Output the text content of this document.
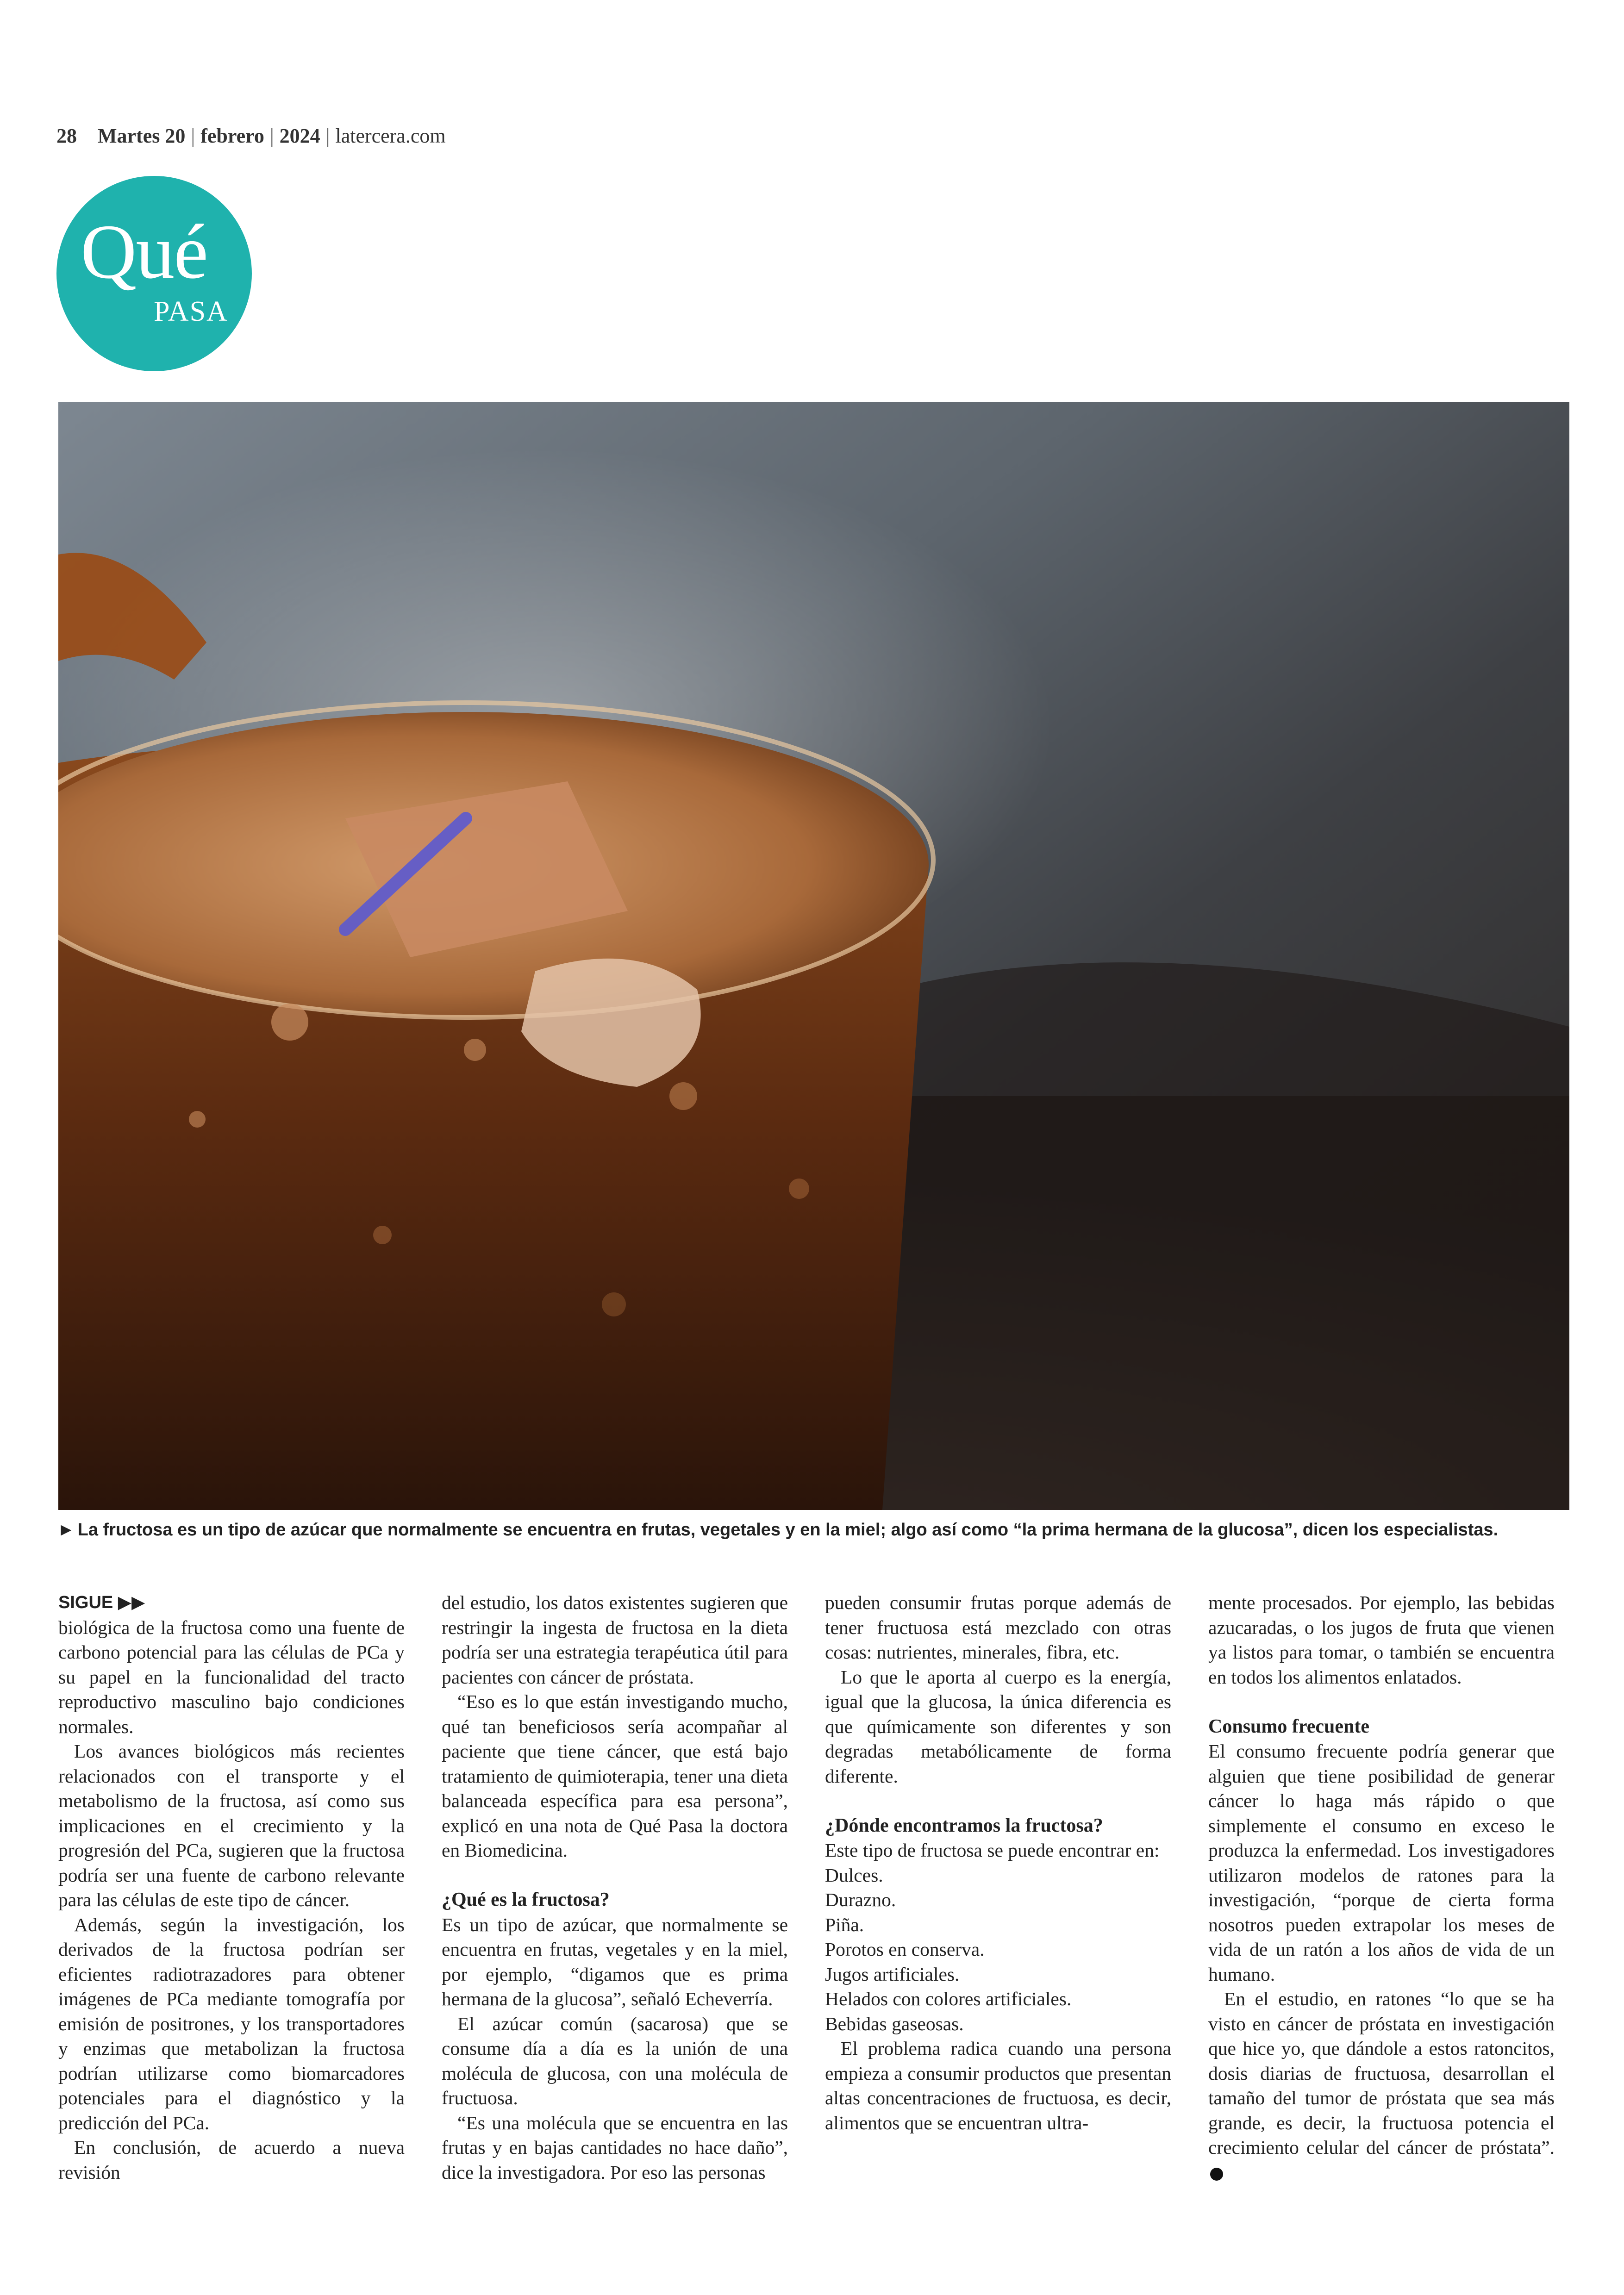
28 Martes 20 | febrero | 2024 | latercera.com
Qué
PASA
► La fructosa es un tipo de azúcar que normalmente se encuentra en frutas, vegetales y en la miel; algo así como “la prima hermana de la glucosa”, dicen los especialistas.
SIGUE ▶▶

biológica de la fructosa como una fuente de carbono potencial para las células de PCa y su papel en la funcionalidad del tracto reproductivo masculino bajo condiciones normales.

Los avances biológicos más recientes relacionados con el transporte y el metabolismo de la fructosa, así como sus implicaciones en el crecimiento y la progresión del PCa, sugieren que la fructosa podría ser una fuente de carbono relevante para las células de este tipo de cáncer.

Además, según la investigación, los derivados de la fructosa podrían ser eficientes radiotrazadores para obtener imágenes de PCa mediante tomografía por emisión de positrones, y los transportadores y enzimas que metabolizan la fructosa podrían utilizarse como biomarcadores potenciales para el diagnóstico y la predicción del PCa.

En conclusión, de acuerdo a nueva revisión

del estudio, los datos existentes sugieren que restringir la ingesta de fructosa en la dieta podría ser una estrategia terapéutica útil para pacientes con cáncer de próstata.

“Eso es lo que están investigando mucho, qué tan beneficiosos sería acompañar al paciente que tiene cáncer, que está bajo tratamiento de quimioterapia, tener una dieta balanceada específica para esa persona”, explicó en una nota de Qué Pasa la doctora en Biomedicina.

¿Qué es la fructosa?

Es un tipo de azúcar, que normalmente se encuentra en frutas, vegetales y en la miel, por ejemplo, “digamos que es prima hermana de la glucosa”, señaló Echeverría.

El azúcar común (sacarosa) que se consume día a día es la unión de una molécula de glucosa, con una molécula de fructuosa.

“Es una molécula que se encuentra en las frutas y en bajas cantidades no hace daño”, dice la investigadora. Por eso las personas

pueden consumir frutas porque además de tener fructuosa está mezclado con otras cosas: nutrientes, minerales, fibra, etc.

Lo que le aporta al cuerpo es la energía, igual que la glucosa, la única diferencia es que químicamente son diferentes y son degradas metabólicamente de forma diferente.

¿Dónde encontramos la fructosa?

Este tipo de fructosa se puede encontrar en:

Dulces.

Durazno.

Piña.

Porotos en conserva.

Jugos artificiales.

Helados con colores artificiales.

Bebidas gaseosas.

El problema radica cuando una persona empieza a consumir productos que presentan altas concentraciones de fructuosa, es decir, alimentos que se encuentran ultra-

mente procesados. Por ejemplo, las bebidas azucaradas, o los jugos de fruta que vienen ya listos para tomar, o también se encuentra en todos los alimentos enlatados.

Consumo frecuente

El consumo frecuente podría generar que alguien que tiene posibilidad de generar cáncer lo haga más rápido o que simplemente el consumo en exceso le produzca la enfermedad. Los investigadores utilizaron modelos de ratones para la investigación, “porque de cierta forma nosotros pueden extrapolar los meses de vida de un ratón a los años de vida de un humano.

En el estudio, en ratones “lo que se ha visto en cáncer de próstata en investigación que hice yo, que dándole a estos ratoncitos, dosis diarias de fructuosa, desarrollan el tamaño del tumor de próstata que sea más grande, es decir, la fructuosa potencia el crecimiento celular del cáncer de próstata”.
